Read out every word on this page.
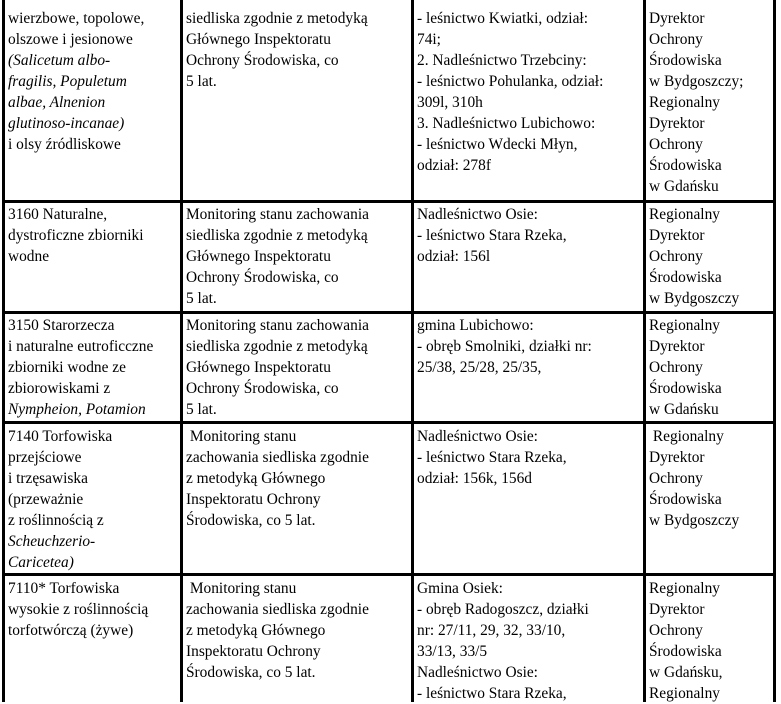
wierzbowe, topolowe,
olszowe i jesionowe
(Salicetum albo-
fragilis, Populetum
albae, Alnenion
glutinoso-incanae)
i olsy źródliskowe
siedliska zgodnie z metodyką
Głównego Inspektoratu
Ochrony Środowiska, co
5 lat.
- leśnictwo Kwiatki, odział:
74i;
2. Nadleśnictwo Trzebciny:
- leśnictwo Pohulanka, odział:
309l, 310h
3. Nadleśnictwo Lubichowo:
- leśnictwo Wdecki Młyn,
odział: 278f
Dyrektor
Ochrony
Środowiska
w Bydgoszczy;
Regionalny
Dyrektor
Ochrony
Środowiska
w Gdańsku
3160 Naturalne,
dystroficzne zbiorniki
wodne
Monitoring stanu zachowania
siedliska zgodnie z metodyką
Głównego Inspektoratu
Ochrony Środowiska, co
5 lat.
Nadleśnictwo Osie:
- leśnictwo Stara Rzeka,
odział: 156l
Regionalny
Dyrektor
Ochrony
Środowiska
w Bydgoszczy
3150 Starorzecza
i naturalne eutroficczne
zbiorniki wodne ze
zbiorowiskami z
Nympheion, Potamion
Monitoring stanu zachowania
siedliska zgodnie z metodyką
Głównego Inspektoratu
Ochrony Środowiska, co
5 lat.
gmina Lubichowo:
- obręb Smolniki, działki nr:
25/38, 25/28, 25/35,
Regionalny
Dyrektor
Ochrony
Środowiska
w Gdańsku
7140 Torfowiska
przejściowe
i trzęsawiska
(przeważnie
z roślinnością z
Scheuchzerio-
Caricetea)
Monitoring stanu
zachowania siedliska zgodnie
z metodyką Głównego
Inspektoratu Ochrony
Środowiska, co 5 lat.
Nadleśnictwo Osie:
- leśnictwo Stara Rzeka,
odział: 156k, 156d
Regionalny
Dyrektor
Ochrony
Środowiska
w Bydgoszczy
7110* Torfowiska
wysokie z roślinnością
torfotwórczą (żywe)
Monitoring stanu
zachowania siedliska zgodnie
z metodyką Głównego
Inspektoratu Ochrony
Środowiska, co 5 lat.
Gmina Osiek:
- obręb Radogoszcz, działki
nr: 27/11, 29, 32, 33/10,
33/13, 33/5
Nadleśnictwo Osie:
- leśnictwo Stara Rzeka,
Regionalny
Dyrektor
Ochrony
Środowiska
w Gdańsku,
Regionalny
